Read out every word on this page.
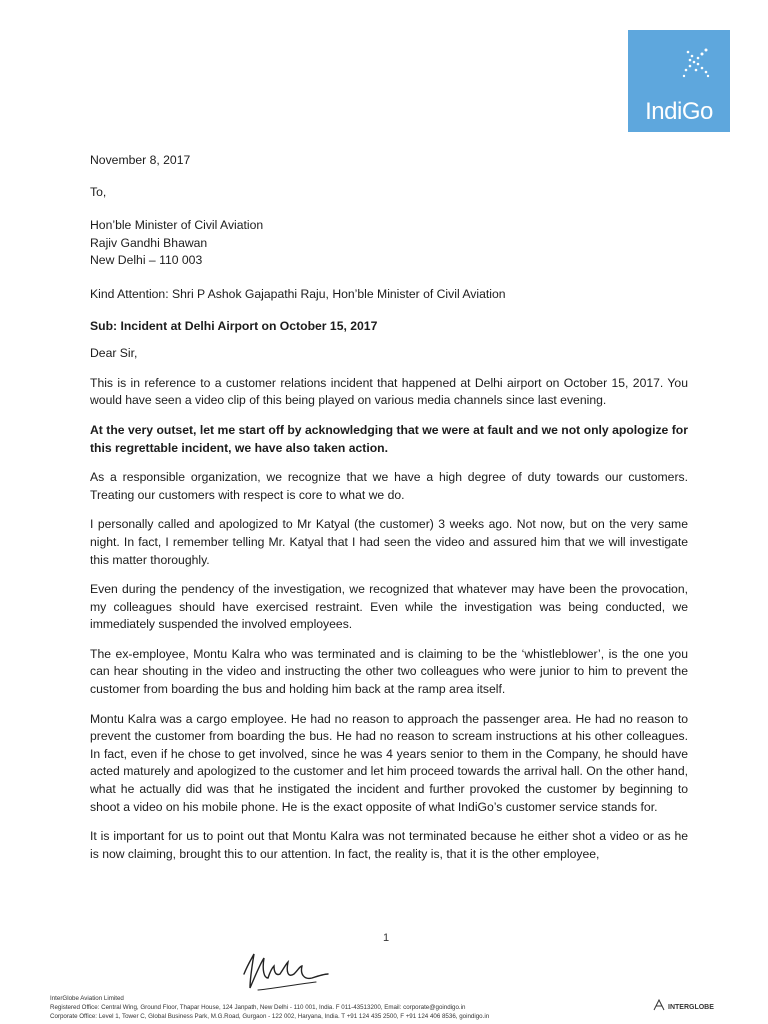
IndiGo

November 8, 2017

To,

Hon’ble Minister of Civil Aviation

Rajiv Gandhi Bhawan

New Delhi – 110 003

Kind Attention: Shri P Ashok Gajapathi Raju, Hon’ble Minister of Civil Aviation

Sub: Incident at Delhi Airport on October 15, 2017

Dear Sir,

This is in reference to a customer relations incident that happened at Delhi airport on October 15, 2017. You would have seen a video clip of this being played on various media channels since last evening.

At the very outset, let me start off by acknowledging that we were at fault and we not only apologize for this regrettable incident, we have also taken action.

As a responsible organization, we recognize that we have a high degree of duty towards our customers. Treating our customers with respect is core to what we do.

I personally called and apologized to Mr Katyal (the customer) 3 weeks ago. Not now, but on the very same night. In fact, I remember telling Mr. Katyal that I had seen the video and assured him that we will investigate this matter thoroughly.

Even during the pendency of the investigation, we recognized that whatever may have been the provocation, my colleagues should have exercised restraint. Even while the investigation was being conducted, we immediately suspended the involved employees.

The ex-employee, Montu Kalra who was terminated and is claiming to be the ‘whistleblower’, is the one you can hear shouting in the video and instructing the other two colleagues who were junior to him to prevent the customer from boarding the bus and holding him back at the ramp area itself.

Montu Kalra was a cargo employee. He had no reason to approach the passenger area. He had no reason to prevent the customer from boarding the bus. He had no reason to scream instructions at his other colleagues. In fact, even if he chose to get involved, since he was 4 years senior to them in the Company, he should have acted maturely and apologized to the customer and let him proceed towards the arrival hall. On the other hand, what he actually did was that he instigated the incident and further provoked the customer by beginning to shoot a video on his mobile phone. He is the exact opposite of what IndiGo’s customer service stands for.

It is important for us to point out that Montu Kalra was not terminated because he either shot a video or as he is now claiming, brought this to our attention. In fact, the reality is, that it is the other employee,

1
InterGlobe Aviation Limited
Registered Office: Central Wing, Ground Floor, Thapar House, 124 Janpath, New Delhi - 110 001, India. F 011-43513200, Email: corporate@goindigo.in
Corporate Office: Level 1, Tower C, Global Business Park, M.G.Road, Gurgaon - 122 002, Haryana, India. T +91 124 435 2500, F +91 124 406 8536, goindigo.in
INTERGLOBE
